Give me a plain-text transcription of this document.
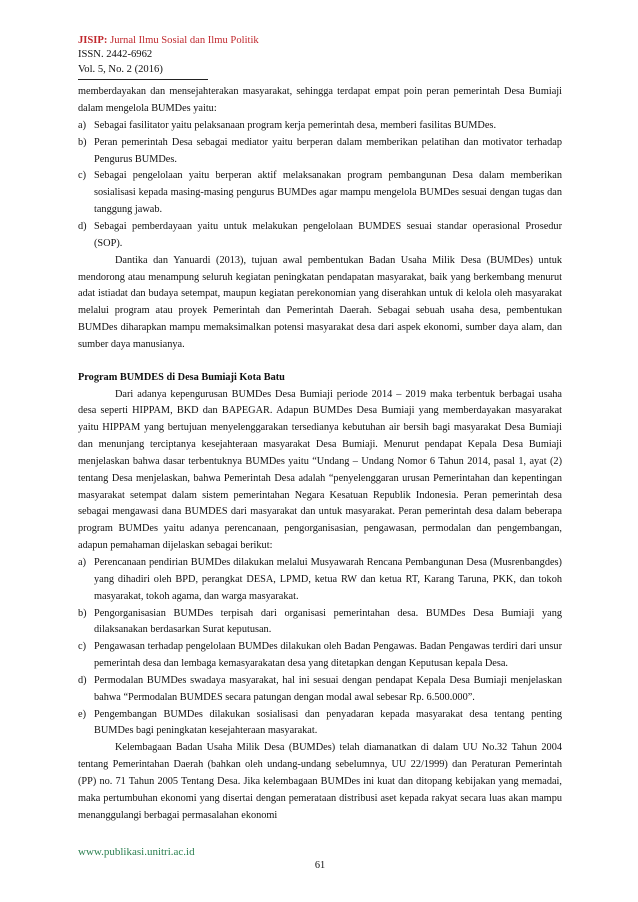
JISIP: Jurnal Ilmu Sosial dan Ilmu Politik
ISSN. 2442-6962
Vol. 5, No. 2 (2016)

memberdayakan dan mensejahterakan masyarakat, sehingga terdapat empat poin peran pemerintah Desa Bumiaji dalam mengelola BUMDes yaitu:

a) Sebagai fasilitator yaitu pelaksanaan program kerja pemerintah desa, memberi fasilitas BUMDes.
b) Peran pemerintah Desa sebagai mediator yaitu berperan dalam memberikan pelatihan dan motivator terhadap Pengurus BUMDes.
c) Sebagai pengelolaan yaitu berperan aktif melaksanakan program pembangunan Desa dalam memberikan sosialisasi kepada masing-masing pengurus BUMDes agar mampu mengelola BUMDes sesuai dengan tugas dan tanggung jawab.
d) Sebagai pemberdayaan yaitu untuk melakukan pengelolaan BUMDES sesuai standar operasional Prosedur (SOP).

Dantika dan Yanuardi (2013), tujuan awal pembentukan Badan Usaha Milik Desa (BUMDes) untuk mendorong atau menampung seluruh kegiatan peningkatan pendapatan masyarakat, baik yang berkembang menurut adat istiadat dan budaya setempat, maupun kegiatan perekonomian yang diserahkan untuk di kelola oleh masyarakat melalui program atau proyek Pemerintah dan Pemerintah Daerah. Sebagai sebuah usaha desa, pembentukan BUMDes diharapkan mampu memaksimalkan potensi masyarakat desa dari aspek ekonomi, sumber daya alam, dan sumber daya manusianya.

Program BUMDES di Desa Bumiaji Kota Batu

Dari adanya kepengurusan BUMDes Desa Bumiaji periode 2014 – 2019 maka terbentuk berbagai usaha desa seperti HIPPAM, BKD dan BAPEGAR. Adapun BUMDes Desa Bumiaji yang memberdayakan masyarakat yaitu HIPPAM yang bertujuan menyelenggarakan tersedianya kebutuhan air bersih bagi masyarakat Desa Bumiaji dan menunjang terciptanya kesejahteraan masyarakat Desa Bumiaji. Menurut pendapat Kepala Desa Bumiaji menjelaskan bahwa dasar terbentuknya BUMDes yaitu “Undang – Undang Nomor 6 Tahun 2014, pasal 1, ayat (2) tentang Desa menjelaskan, bahwa Pemerintah Desa adalah “penyelenggaran urusan Pemerintahan dan kepentingan masyarakat setempat dalam sistem pemerintahan Negara Kesatuan Republik Indonesia. Peran pemerintah desa sebagai mengawasi dana BUMDES dari masyarakat dan untuk masyarakat. Peran pemerintah desa dalam beberapa program BUMDes yaitu adanya perencanaan, pengorganisasian, pengawasan, permodalan dan pengembangan, adapun pemahaman dijelaskan sebagai berikut:

a) Perencanaan pendirian BUMDes dilakukan melalui Musyawarah Rencana Pembangunan Desa (Musrenbangdes) yang dihadiri oleh BPD, perangkat DESA, LPMD, ketua RW dan ketua RT, Karang Taruna, PKK, dan tokoh masyarakat, tokoh agama, dan warga masyarakat.
b) Pengorganisasian BUMDes terpisah dari organisasi pemerintahan desa. BUMDes Desa Bumiaji yang dilaksanakan berdasarkan Surat keputusan.
c) Pengawasan terhadap pengelolaan BUMDes dilakukan oleh Badan Pengawas. Badan Pengawas terdiri dari unsur pemerintah desa dan lembaga kemasyarakatan desa yang ditetapkan dengan Keputusan kepala Desa.
d) Permodalan BUMDes swadaya masyarakat, hal ini sesuai dengan pendapat Kepala Desa Bumiaji menjelaskan bahwa “Permodalan BUMDES secara patungan dengan modal awal sebesar Rp. 6.500.000”.
e) Pengembangan BUMDes dilakukan sosialisasi dan penyadaran kepada masyarakat desa tentang penting BUMDes bagi peningkatan kesejahteraan masyarakat.

Kelembagaan Badan Usaha Milik Desa (BUMDes) telah diamanatkan di dalam UU No.32 Tahun 2004 tentang Pemerintahan Daerah (bahkan oleh undang-undang sebelumnya, UU 22/1999) dan Peraturan Pemerintah (PP) no. 71 Tahun 2005 Tentang Desa. Jika kelembagaan BUMDes ini kuat dan ditopang kebijakan yang memadai, maka pertumbuhan ekonomi yang disertai dengan pemerataan distribusi aset kepada rakyat secara luas akan mampu menanggulangi berbagai permasalahan ekonomi

61
www.publikasi.unitri.ac.id
